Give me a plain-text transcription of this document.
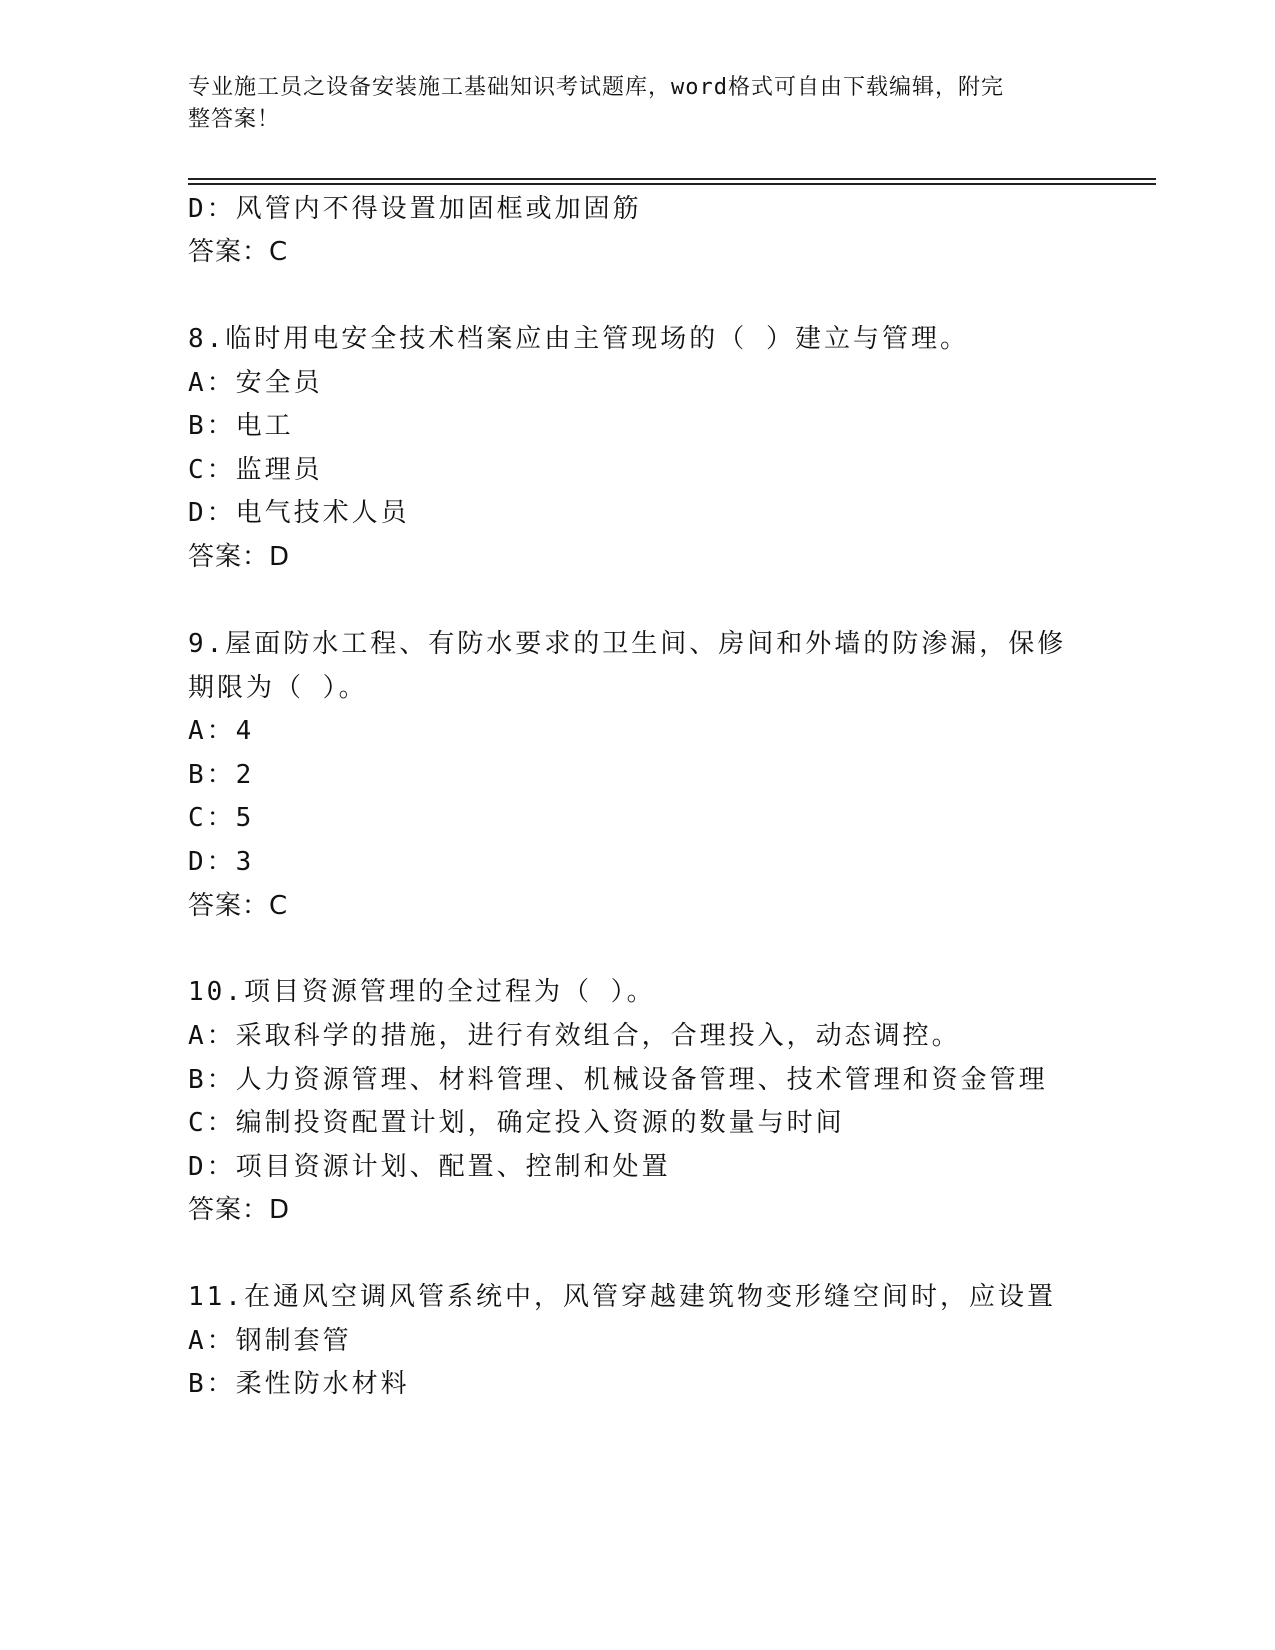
专业施工员之设备安装施工基础知识考试题库，word格式可自由下载编辑，附完
整答案！
D：风管内不得设置加固框或加固筋
答案：C
8.临时用电安全技术档案应由主管现场的（ ）建立与管理。
A：安全员
B：电工
C：监理员
D：电气技术人员
答案：D
9.屋面防水工程、有防水要求的卫生间、房间和外墙的防渗漏，保修
期限为（ ）。
A：4
B：2
C：5
D：3
答案：C
10.项目资源管理的全过程为（ ）。
A：采取科学的措施，进行有效组合，合理投入，动态调控。
B：人力资源管理、材料管理、机械设备管理、技术管理和资金管理
C：编制投资配置计划，确定投入资源的数量与时间
D：项目资源计划、配置、控制和处置
答案：D
11.在通风空调风管系统中，风管穿越建筑物变形缝空间时，应设置
A：钢制套管
B：柔性防水材料
